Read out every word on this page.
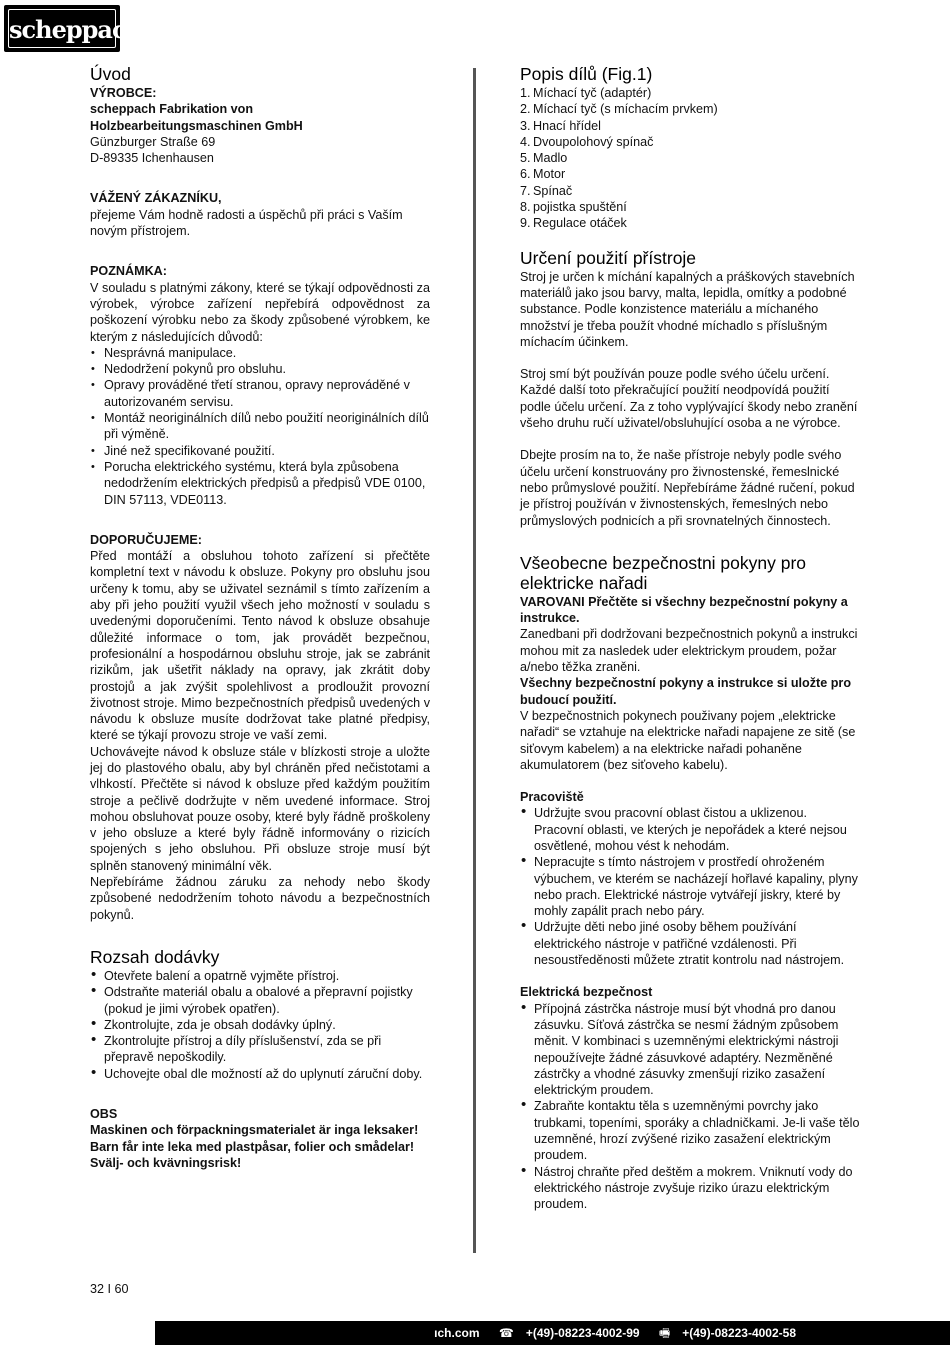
scheppach
Úvod

VÝROBCE:

scheppach Fabrikation von

Holzbearbeitungsmaschinen GmbH

Günzburger Straße 69

D-89335 Ichenhausen

VÁŽENÝ ZÁKAZNÍKU,

přejeme Vám hodně radosti a úspěchů při práci s Vaším novým přístrojem.

POZNÁMKA:

V souladu s platnými zákony, které se týkají odpovědnosti za výrobek, výrobce zařízení nepřebírá odpovědnost za poškození výrobku nebo za škody způsobené výrobkem, ke kterým z následujících důvodů:

• Nesprávná manipulace.
• Nedodržení pokynů pro obsluhu.
• Opravy prováděné třetí stranou, opravy neprováděné v autorizovaném servisu.
• Montáž neoriginálních dílů nebo použití neoriginálních dílů při výměně.
• Jiné než specifikované použití.
• Porucha elektrického systému, která byla způsobena nedodržením elektrických předpisů a předpisů VDE 0100, DIN 57113, VDE0113.

DOPORUČUJEME:

Před montáží a obsluhou tohoto zařízení si přečtěte kompletní text v návodu k obsluze. Pokyny pro obsluhu jsou určeny k tomu, aby se uživatel seznámil s tímto zařízením a aby při jeho použití využil všech jeho možností v souladu s uvedenými doporučeními. Tento návod k obsluze obsahuje důležité informace o tom, jak provádět bezpečnou, profesionální a hospodárnou obsluhu stroje, jak se zabránit rizikům, jak ušetřit náklady na opravy, jak zkrátit doby prostojů a jak zvýšit spolehlivost a prodloužit provozní životnost stroje. Mimo bezpečnostních předpisů uvedených v návodu k obsluze musíte dodržovat take platné předpisy, které se týkají provozu stroje ve vaší zemi.

Uchovávejte návod k obsluze stále v blízkosti stroje a uložte jej do plastového obalu, aby byl chráněn před nečistotami a vlhkostí. Přečtěte si návod k obsluze před každým použitím stroje a pečlivě dodržujte v něm uvedené informace. Stroj mohou obsluhovat pouze osoby, které byly řádně proškoleny v jeho obsluze a které byly řádně informovány o rizicích spojených s jeho obsluhou. Při obsluze stroje musí být splněn stanovený minimální věk.

Nepřebíráme žádnou záruku za nehody nebo škody způsobené nedodržením tohoto návodu a bezpečnostních pokynů.

Rozsah dodávky
• Otevřete balení a opatrně vyjměte přístroj.
• Odstraňte materiál obalu a obalové a přepravní pojistky (pokud je jimi výrobek opatřen).
• Zkontrolujte, zda je obsah dodávky úplný.
• Zkontrolujte přístroj a díly příslušenství, zda se při přepravě nepoškodily.
• Uchovejte obal dle možností až do uplynutí záruční doby.

OBS

Maskinen och förpackningsmaterialet är inga leksaker! Barn får inte leka med plastpåsar, folier och smådelar! Svälj- och kvävningsrisk!

Popis dílů (Fig.1)
1. Míchací tyč (adaptér)
2. Míchací tyč (s míchacím prvkem)
3. Hnací hřídel
4. Dvoupolohový spínač
5. Madlo
6. Motor
7. Spínač
8. pojistka spuštění
9. Regulace otáček
Určení použití přístroje

Stroj je určen k míchání kapalných a práškových stavebních materiálů jako jsou barvy, malta, lepidla, omítky a podobné substance. Podle konzistence materiálu a míchaného množství je třeba použít vhodné míchadlo s příslušným míchacím účinkem.

Stroj smí být používán pouze podle svého účelu určení. Každé další toto překračující použití neodpovídá použití podle účelu určení. Za z toho vyplývající škody nebo zranění všeho druhu ručí uživatel/obsluhující osoba a ne výrobce.

Dbejte prosím na to, že naše přístroje nebyly podle svého účelu určení konstruovány pro živnostenské, řemeslnické nebo průmyslové použití. Nepřebíráme žádné ručení, pokud je přístroj používán v živnostenských, řemeslných nebo průmyslových podnicích a při srovnatelných činnostech.

Všeobecne bezpečnostni pokyny pro elektricke nařadi

VAROVANI Přečtěte si všechny bezpečnostní pokyny a instrukce.

Zanedbani při dodržovani bezpečnostnich pokynů a instrukci mohou mit za nasledek uder elektrickym proudem, požar a/nebo těžka zraněni.

Všechny bezpečnostní pokyny a instrukce si uložte pro budoucí použití.

V bezpečnostnich pokynech použivany pojem „elektricke nařadi“ se vztahuje na elektricke nařadi napajene ze sitě (se siťovym kabelem) a na elektricke nařadi pohaněne akumulatorem (bez siťoveho kabelu).

Pracoviště

• Udržujte svou pracovní oblast čistou a uklizenou. Pracovní oblasti, ve kterých je nepořádek a které nejsou osvětlené, mohou vést k nehodám.
• Nepracujte s tímto nástrojem v prostředí ohroženém výbuchem, ve kterém se nacházejí hořlavé kapaliny, plyny nebo prach. Elektrické nástroje vytvářejí jiskry, které by mohly zapálit prach nebo páry.
• Udržujte děti nebo jiné osoby během používání elektrického nástroje v patřičné vzdálenosti. Při nesoustředěnosti můžete ztratit kontrolu nad nástrojem.

Elektrická bezpečnost

• Přípojná zástrčka nástroje musí být vhodná pro danou zásuvku. Síťová zástrčka se nesmí žádným způsobem měnit. V kombinaci s uzemněnými elektrickými nástroji nepoužívejte žádné zásuvkové adaptéry. Nezměněné zástrčky a vhodné zásuvky zmenšují riziko zasažení elektrickým proudem.
• Zabraňte kontaktu těla s uzemněnými povrchy jako trubkami, topeními, sporáky a chladničkami. Je-li vaše tělo uzemněné, hrozí zvýšené riziko zasažení elektrickým proudem.
• Nástroj chraňte před deštěm a mokrem. Vniknutí vody do elektrického nástroje zvyšuje riziko úrazu elektrickým proudem.
32 I 60
ıch.com ☎ +(49)-08223-4002-99 🖷 +(49)-08223-4002-58
